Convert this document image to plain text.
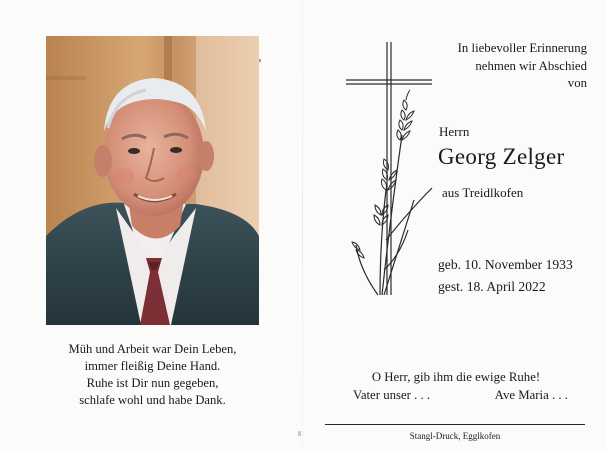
Müh und Arbeit war Dein Leben,
immer fleißig Deine Hand.
Ruhe ist Dir nun gegeben,
schlafe wohl und habe Dank.
In liebevoller Erinnerung
nehmen wir Abschied
von
Herrn
Georg Zelger
aus Treidlkofen
geb. 10. November 1933
gest. 18. April 2022
O Herr, gib ihm die ewige Ruhe!
Vater unser . . .	Ave Maria . . .
Stangl-Druck, Egglkofen
